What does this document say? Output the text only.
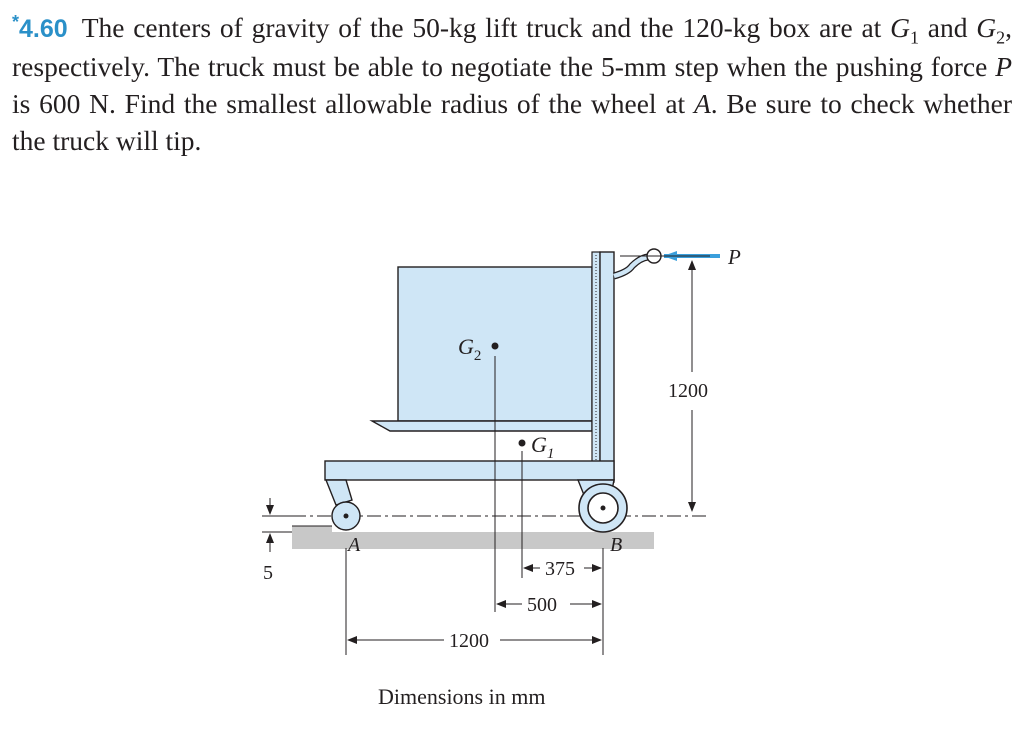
*4.60 The centers of gravity of the 50-kg lift truck and the 120-kg box are at $G_1$ and $G_2$, respectively. The truck must be able to negotiate the 5-mm step when the pushing force P is 600 N. Find the smallest allowable radius of the wheel at A. Be sure to check whether the truck will tip.
P
$G_2$
$G_1$
A	B
1200
5	375
500
1200
Dimensions in mm
